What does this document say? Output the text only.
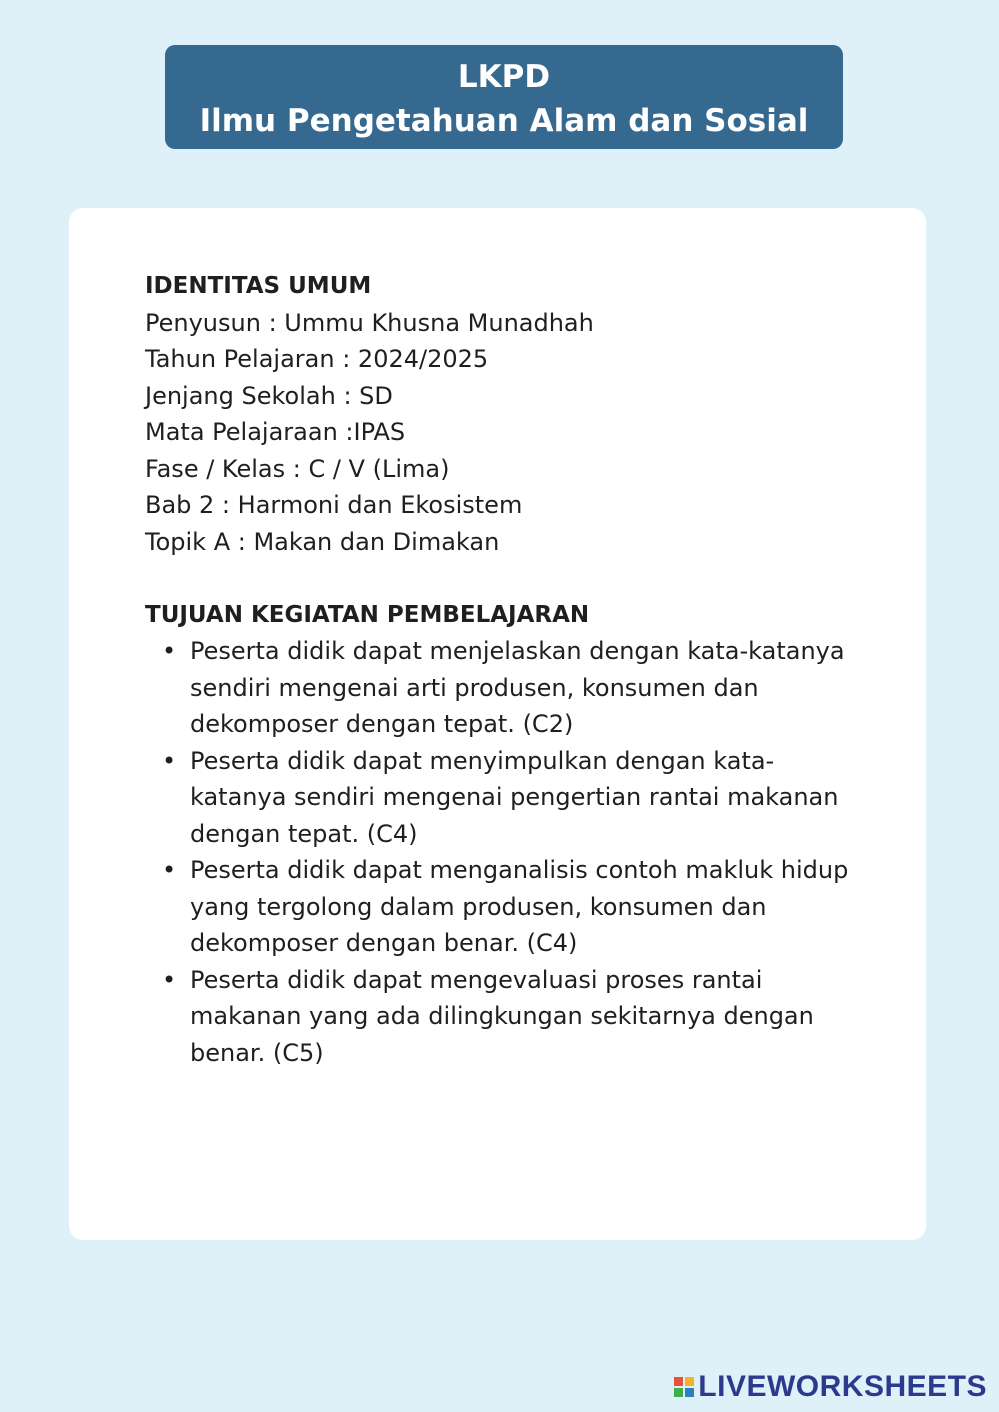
LKPD
Ilmu Pengetahuan Alam dan Sosial
IDENTITAS UMUM
Penyusun : Ummu Khusna Munadhah
Tahun Pelajaran : 2024/2025
Jenjang Sekolah : SD
Mata Pelajaraan :IPAS
Fase / Kelas : C / V (Lima)
Bab 2 : Harmoni dan Ekosistem
Topik A : Makan dan Dimakan
TUJUAN KEGIATAN PEMBELAJARAN
• Peserta didik dapat menjelaskan dengan kata-katanya sendiri mengenai arti produsen, konsumen dan dekomposer dengan tepat. (C2)
• Peserta didik dapat menyimpulkan dengan kata-katanya sendiri mengenai pengertian rantai makanan dengan tepat. (C4)
• Peserta didik dapat menganalisis contoh makluk hidup yang tergolong dalam produsen, konsumen dan dekomposer dengan benar. (C4)
• Peserta didik dapat mengevaluasi proses rantai makanan yang ada dilingkungan sekitarnya dengan benar. (C5)
LIVEWORKSHEETS
